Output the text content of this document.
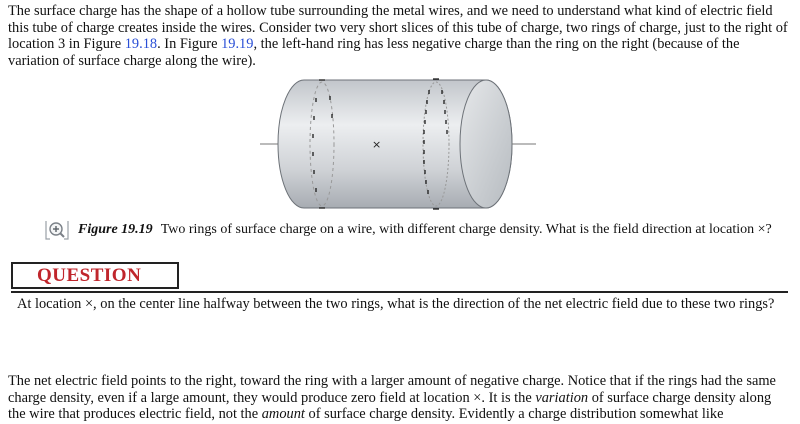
The surface charge has the shape of a hollow tube surrounding the metal wires, and we need to understand what kind of electric field this tube of charge creates inside the wires. Consider two very short slices of this tube of charge, two rings of charge, just to the right of location 3 in Figure 19.18. In Figure 19.19, the left-hand ring has less negative charge than the ring on the right (because of the variation of surface charge along the wire).

×
Figure 19.19 Two rings of surface charge on a wire, with different charge density. What is the field direction at location ×?
QUESTION

At location ×, on the center line halfway between the two rings, what is the direction of the net electric field due to these two rings?

The net electric field points to the right, toward the ring with a larger amount of negative charge. Notice that if the rings had the same charge density, even if a large amount, they would produce zero field at location ×. It is the variation of surface charge density along the wire that produces electric field, not the amount of surface charge density. Evidently a charge distribution somewhat like
